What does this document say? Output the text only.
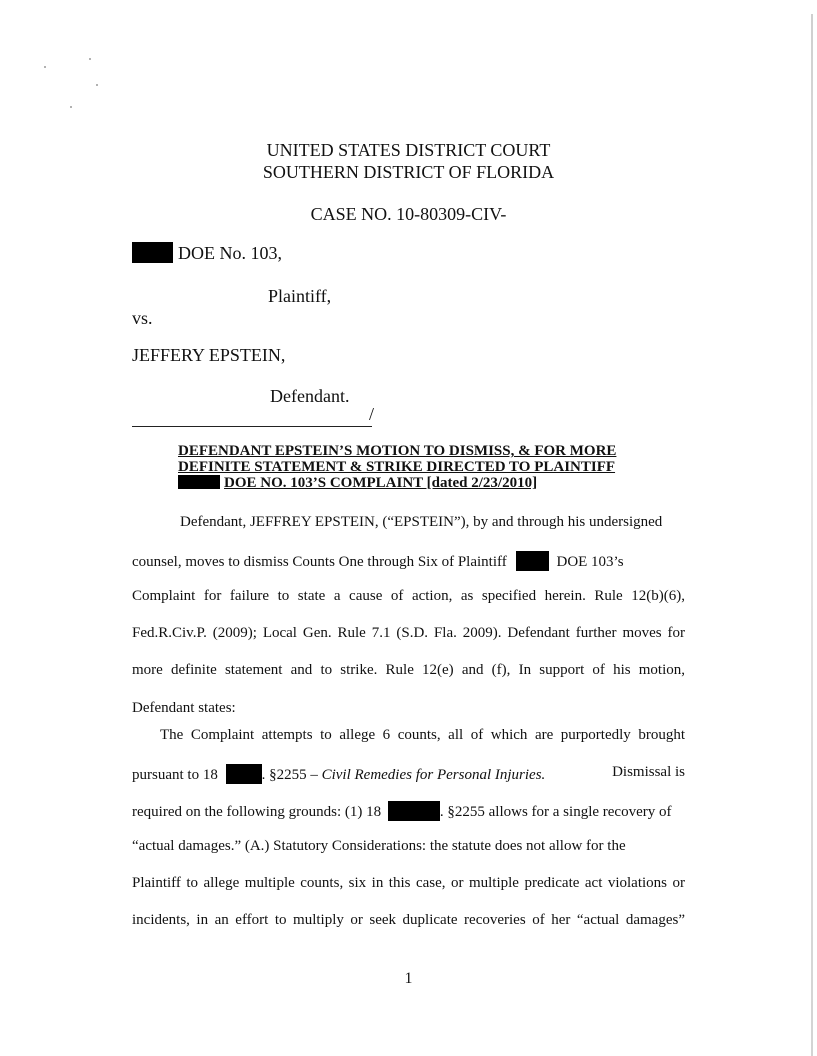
UNITED STATES DISTRICT COURT
SOUTHERN DISTRICT OF FLORIDA
CASE NO. 10-80309-CIV-
DOE No. 103,
Plaintiff,
vs.
JEFFERY EPSTEIN,
Defendant.
/
DEFENDANT EPSTEIN’S MOTION TO DISMISS, & FOR MORE
DEFINITE STATEMENT & STRIKE DIRECTED TO PLAINTIFF
DOE NO. 103’S COMPLAINT [dated 2/23/2010]
Defendant, JEFFREY EPSTEIN, (“EPSTEIN”), by and through his undersigned
counsel, moves to dismiss Counts One through Six of Plaintiff	DOE 103’s
Complaint for failure to state a cause of action, as specified herein. Rule 12(b)(6),
Fed.R.Civ.P. (2009); Local Gen. Rule 7.1 (S.D. Fla. 2009). Defendant further moves for
more definite statement and to strike. Rule 12(e) and (f), In support of his motion,
Defendant states:
The Complaint attempts to allege 6 counts, all of which are purportedly brought
pursuant to 18	. §2255 – Civil Remedies for Personal Injuries.	Dismissal is
required on the following grounds: (1) 18	. §2255 allows for a single recovery of
“actual damages.” (A.) Statutory Considerations: the statute does not allow for the
Plaintiff to allege multiple counts, six in this case, or multiple predicate act violations or
incidents, in an effort to multiply or seek duplicate recoveries of her “actual damages”
1
